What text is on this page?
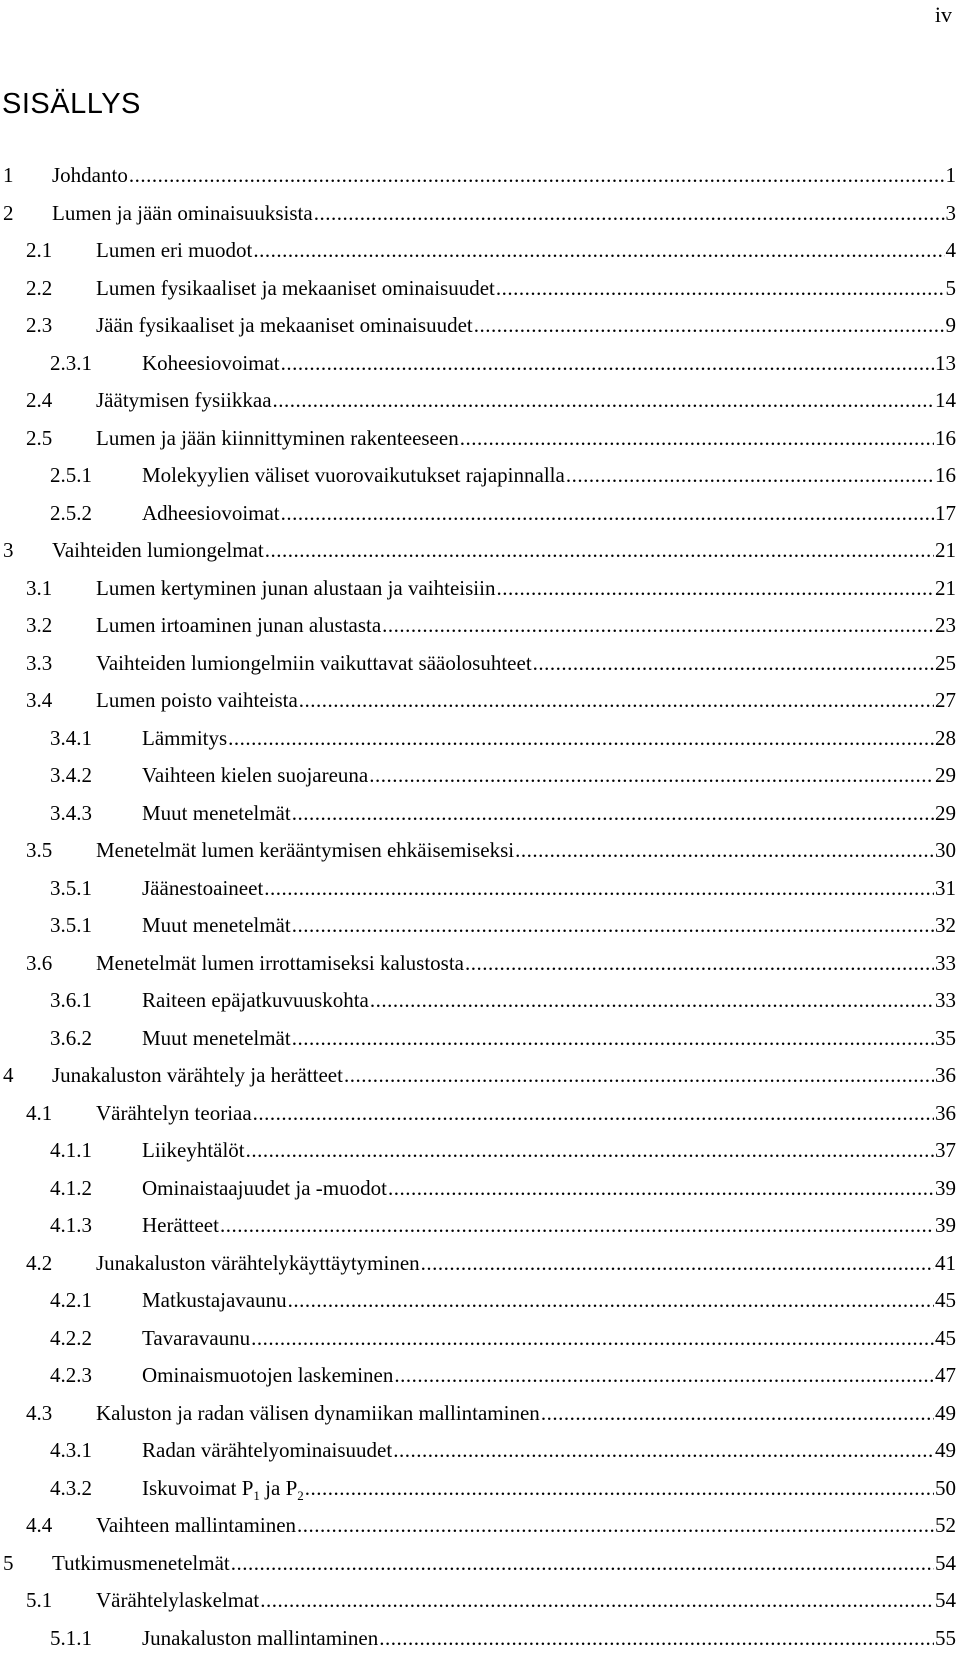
iv
SISÄLLYS
1 Johdanto .....	1
2 Lumen ja jään ominaisuuksista .....	3
2.1 Lumen eri muodot .....	4
2.2 Lumen fysikaaliset ja mekaaniset ominaisuudet .....	5
2.3 Jään fysikaaliset ja mekaaniset ominaisuudet .....	9
2.3.1 Koheesiovoimat .....	13
2.4 Jäätymisen fysiikkaa .....	14
2.5 Lumen ja jään kiinnittyminen rakenteeseen .....	16
2.5.1 Molekyylien väliset vuorovaikutukset rajapinnalla .....	16
2.5.2 Adheesiovoimat .....	17
3 Vaihteiden lumiongelmat .....	21
3.1 Lumen kertyminen junan alustaan ja vaihteisiin .....	21
3.2 Lumen irtoaminen junan alustasta .....	23
3.3 Vaihteiden lumiongelmiin vaikuttavat sääolosuhteet .....	25
3.4 Lumen poisto vaihteista .....	27
3.4.1 Lämmitys .....	28
3.4.2 Vaihteen kielen suojareuna .....	29
3.4.3 Muut menetelmät .....	29
3.5 Menetelmät lumen kerääntymisen ehkäisemiseksi .....	30
3.5.1 Jäänestoaineet .....	31
3.5.1 Muut menetelmät .....	32
3.6 Menetelmät lumen irrottamiseksi kalustosta .....	33
3.6.1 Raiteen epäjatkuvuuskohta .....	33
3.6.2 Muut menetelmät .....	35
4 Junakaluston värähtely ja herätteet .....	36
4.1 Värähtelyn teoriaa .....	36
4.1.1 Liikeyhtälöt .....	37
4.1.2 Ominaistaajuudet ja -muodot .....	39
4.1.3 Herätteet .....	39
4.2 Junakaluston värähtelykäyttäytyminen .....	41
4.2.1 Matkustajavaunu .....	45
4.2.2 Tavaravaunu .....	45
4.2.3 Ominaismuotojen laskeminen .....	47
4.3 Kaluston ja radan välisen dynamiikan mallintaminen .....	49
4.3.1 Radan värähtelyominaisuudet .....	49
4.3.2 Iskuvoimat $P_1$ ja $P_2$ .....	50
4.4 Vaihteen mallintaminen .....	52
5 Tutkimusmenetelmät .....	54
5.1 Värähtelylaskelmat .....	54
5.1.1 Junakaluston mallintaminen .....	55
